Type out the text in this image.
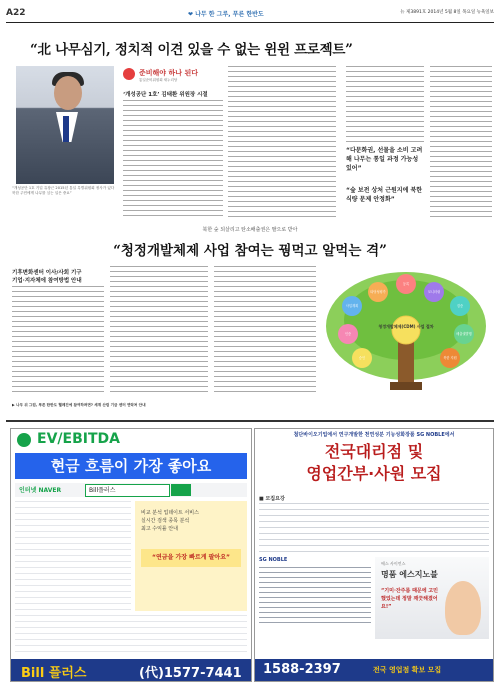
A22	❤ 나무 한 그루, 푸른 한반도	뉴 제3891호 2014년 5월 8일 목요일 뉴욕일보
“北 나무심기, 정치적 이견 있을 수 없는 윈윈 프로젝트”
“개성공단 1호 기업 유창근 2015년 통일 특별위원회 정사가 있다 북한 주민에게 나무를 심는 일은 중요”
준비해야 하나 된다
통일준비위원회 새누리당
‘개성공단 1호’ 김태환 위원장 시절
“다문화권, 선물을 소비 고려해 나무는 통일 과정 가능성 있어”
“숲 보전 상처 근원지에 북한 식량 문제 안정화”
북한 숲 되살리고 탄소배출권은 팔으로 받아
“청정개발체제 사업 참여는 꿩먹고 알먹는 격”
기후변화센터 이사/사회 기구
기업·지자체에 참여방법 안내
청정개발체제(CDM) 사업 절차
사업계획
타당성평가
등록
모니터링
검증
인증	배출권발행
승인	북한 지원
▶ 나무 위 그림, 푸른 한반도 헬레진에 참여하려면? 세계 산림 기금 센터 연락처 안내
EV/EBITDA
현금 흐름이 가장 좋아요
인터넷 NAVER	Bill플러스
비교 분석 업데이트 서비스
실시간 검색 종목 분석
최고 수익률 안내
“연금을 가장 빠르게 팔아요”
Bill 플러스	(代)1577-7441
첨단바이오기업에서 연구개발한 천연성분 기능성화장품 SG NOBLE에서
전국대리점 및
영업간부·사원 모집
■ 모집요강
SG NOBLE
에스 사이언스
명품 에스지노블
“기미·잔주름 때문에 고민 했었는데 정말 깨끗해졌어요!”
1588-2397	전국 영업점 확보 모집
